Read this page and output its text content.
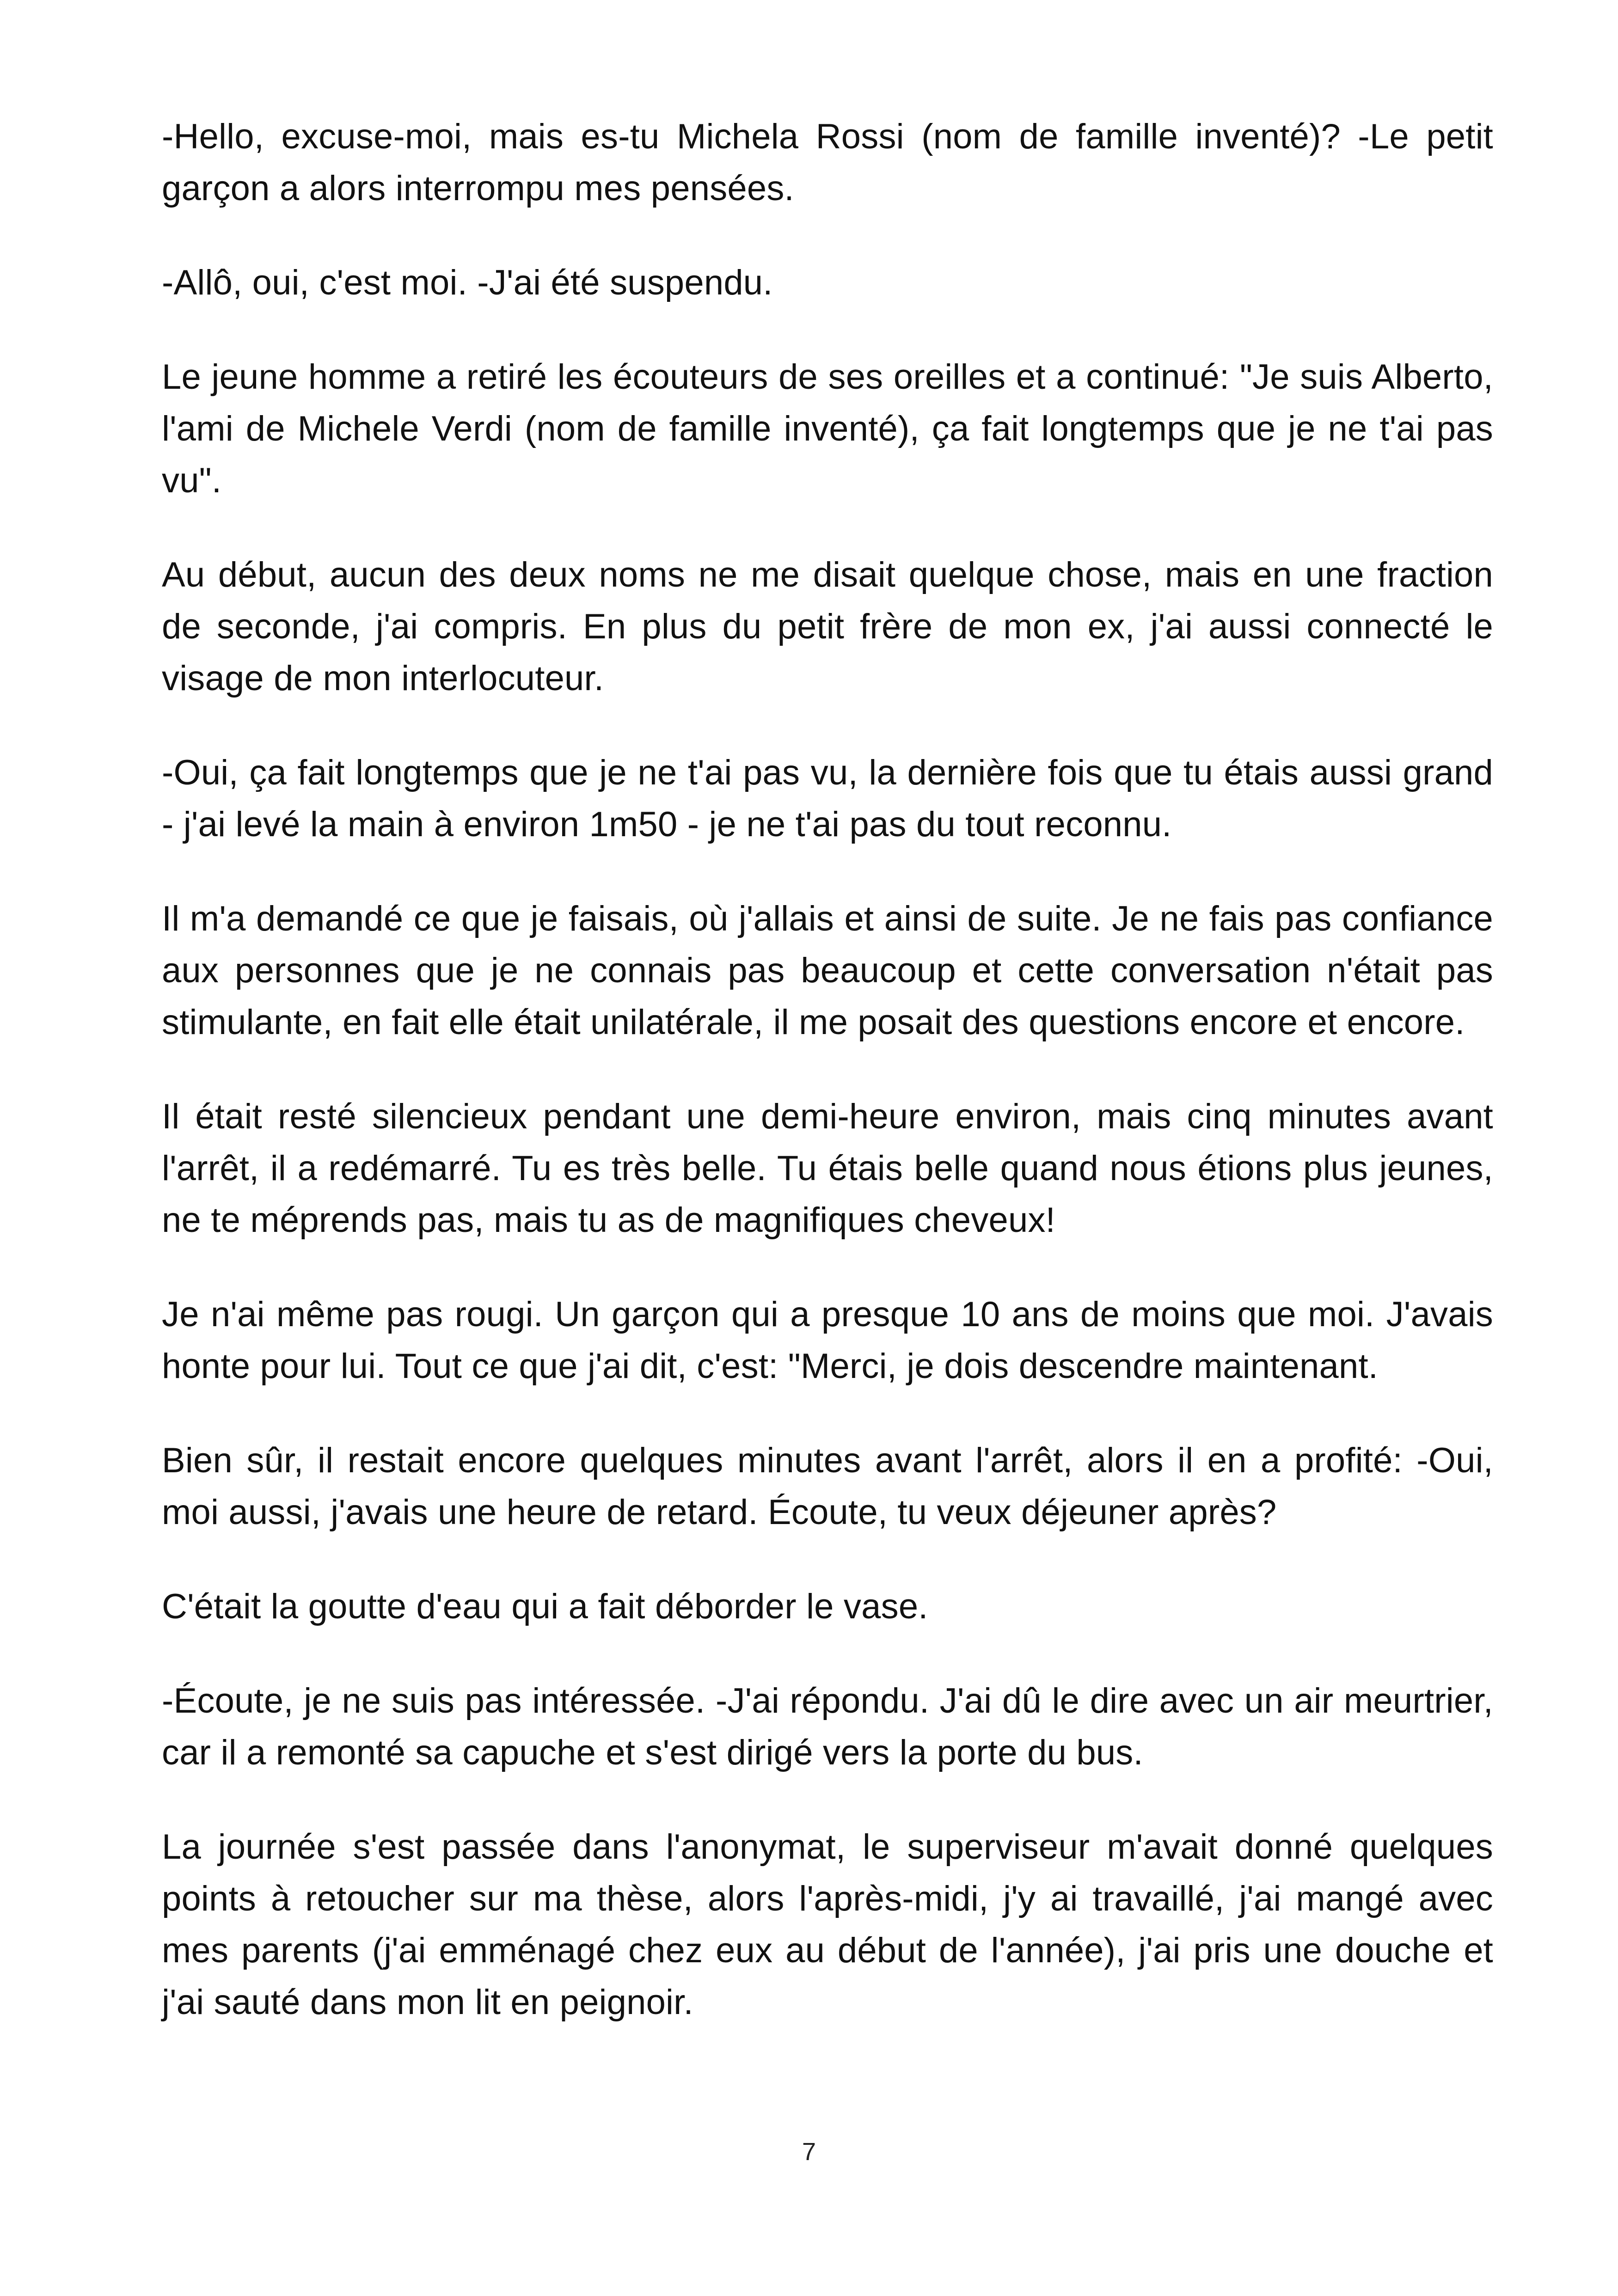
-Hello, excuse-moi, mais es-tu Michela Rossi (nom de famille inventé)? -Le petit garçon a alors interrompu mes pensées.

-Allô, oui, c'est moi. -J'ai été suspendu.

Le jeune homme a retiré les écouteurs de ses oreilles et a continué: "Je suis Alberto, l'ami de Michele Verdi (nom de famille inventé), ça fait longtemps que je ne t'ai pas vu".

Au début, aucun des deux noms ne me disait quelque chose, mais en une fraction de seconde, j'ai compris. En plus du petit frère de mon ex, j'ai aussi connecté le visage de mon interlocuteur.

-Oui, ça fait longtemps que je ne t'ai pas vu, la dernière fois que tu étais aussi grand - j'ai levé la main à environ 1m50 - je ne t'ai pas du tout reconnu.

Il m'a demandé ce que je faisais, où j'allais et ainsi de suite. Je ne fais pas confiance aux personnes que je ne connais pas beaucoup et cette conversation n'était pas stimulante, en fait elle était unilatérale, il me posait des questions encore et encore.

Il était resté silencieux pendant une demi-heure environ, mais cinq minutes avant l'arrêt, il a redémarré. Tu es très belle. Tu étais belle quand nous étions plus jeunes, ne te méprends pas, mais tu as de magnifiques cheveux!

Je n'ai même pas rougi. Un garçon qui a presque 10 ans de moins que moi. J'avais honte pour lui. Tout ce que j'ai dit, c'est: "Merci, je dois descendre maintenant.

Bien sûr, il restait encore quelques minutes avant l'arrêt, alors il en a profité: -Oui, moi aussi, j'avais une heure de retard. Écoute, tu veux déjeuner après?

C'était la goutte d'eau qui a fait déborder le vase.

-Écoute, je ne suis pas intéressée. -J'ai répondu. J'ai dû le dire avec un air meurtrier, car il a remonté sa capuche et s'est dirigé vers la porte du bus.

La journée s'est passée dans l'anonymat, le superviseur m'avait donné quelques points à retoucher sur ma thèse, alors l'après-midi, j'y ai travaillé, j'ai mangé avec mes parents (j'ai emménagé chez eux au début de l'année), j'ai pris une douche et j'ai sauté dans mon lit en peignoir.

7
